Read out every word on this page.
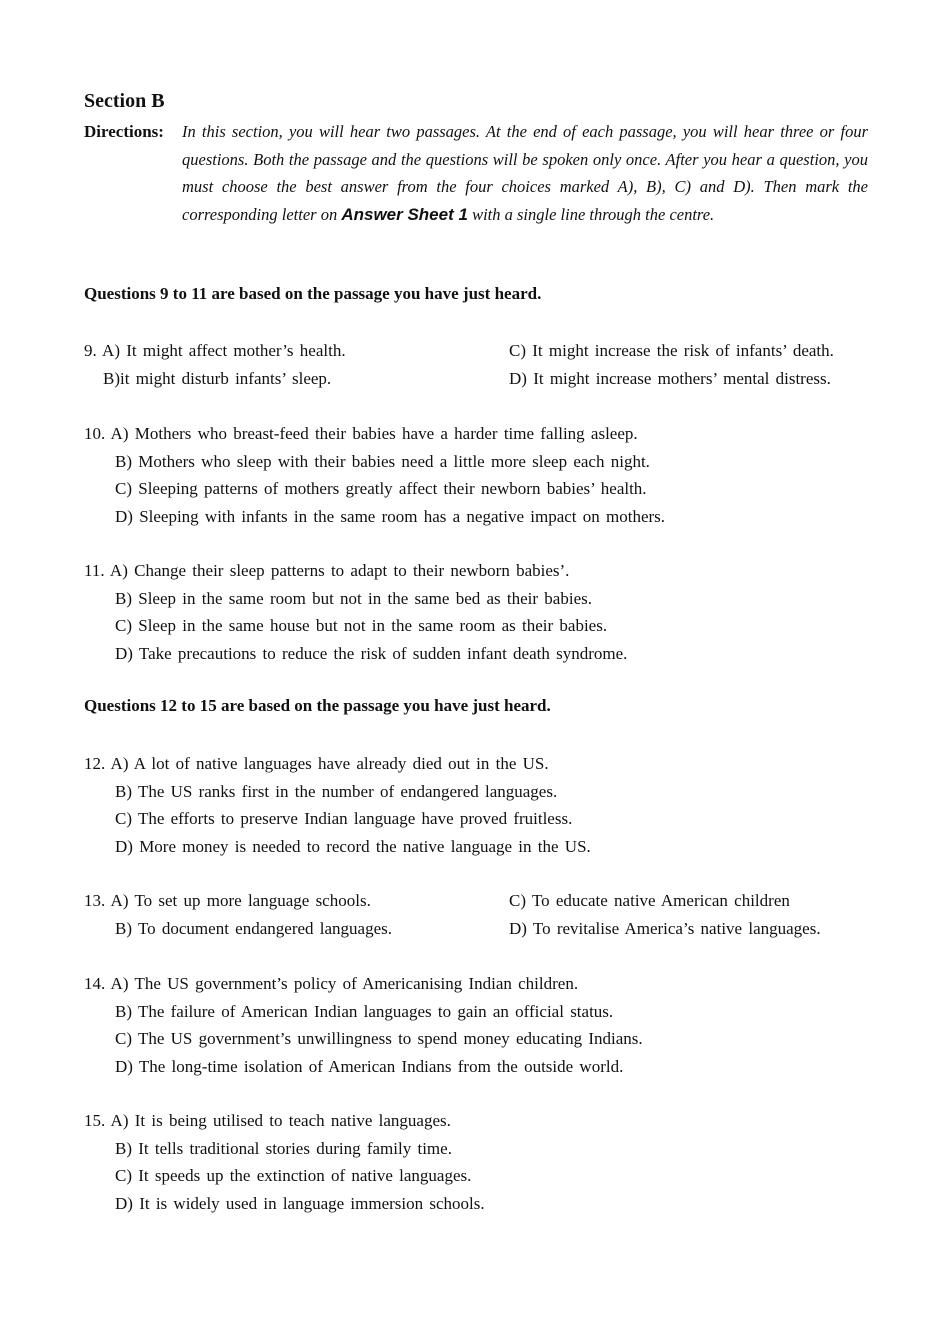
Section B
Directions: In this section, you will hear two passages. At the end of each passage, you will hear three or four questions. Both the passage and the questions will be spoken only once. After you hear a question, you must choose the best answer from the four choices marked A), B), C) and D). Then mark the corresponding letter on Answer Sheet 1 with a single line through the centre.

Questions 9 to 11 are based on the passage you have just heard.

9. A) It might affect mother’s health.	C) It might increase the risk of infants’ death.
B)it might disturb infants’ sleep.	D) It might increase mothers’ mental distress.
10. A) Mothers who breast-feed their babies have a harder time falling asleep.
B) Mothers who sleep with their babies need a little more sleep each night.
C) Sleeping patterns of mothers greatly affect their newborn babies’ health.
D) Sleeping with infants in the same room has a negative impact on mothers.
11. A) Change their sleep patterns to adapt to their newborn babies’.
B) Sleep in the same room but not in the same bed as their babies.
C) Sleep in the same house but not in the same room as their babies.
D) Take precautions to reduce the risk of sudden infant death syndrome.

Questions 12 to 15 are based on the passage you have just heard.

12. A) A lot of native languages have already died out in the US.
B) The US ranks first in the number of endangered languages.
C) The efforts to preserve Indian language have proved fruitless.
D) More money is needed to record the native language in the US.
13. A) To set up more language schools.	C) To educate native American children
B) To document endangered languages.	D) To revitalise America’s native languages.
14. A) The US government’s policy of Americanising Indian children.
B) The failure of American Indian languages to gain an official status.
C) The US government’s unwillingness to spend money educating Indians.
D) The long-time isolation of American Indians from the outside world.
15. A) It is being utilised to teach native languages.
B) It tells traditional stories during family time.
C) It speeds up the extinction of native languages.
D) It is widely used in language immersion schools.
